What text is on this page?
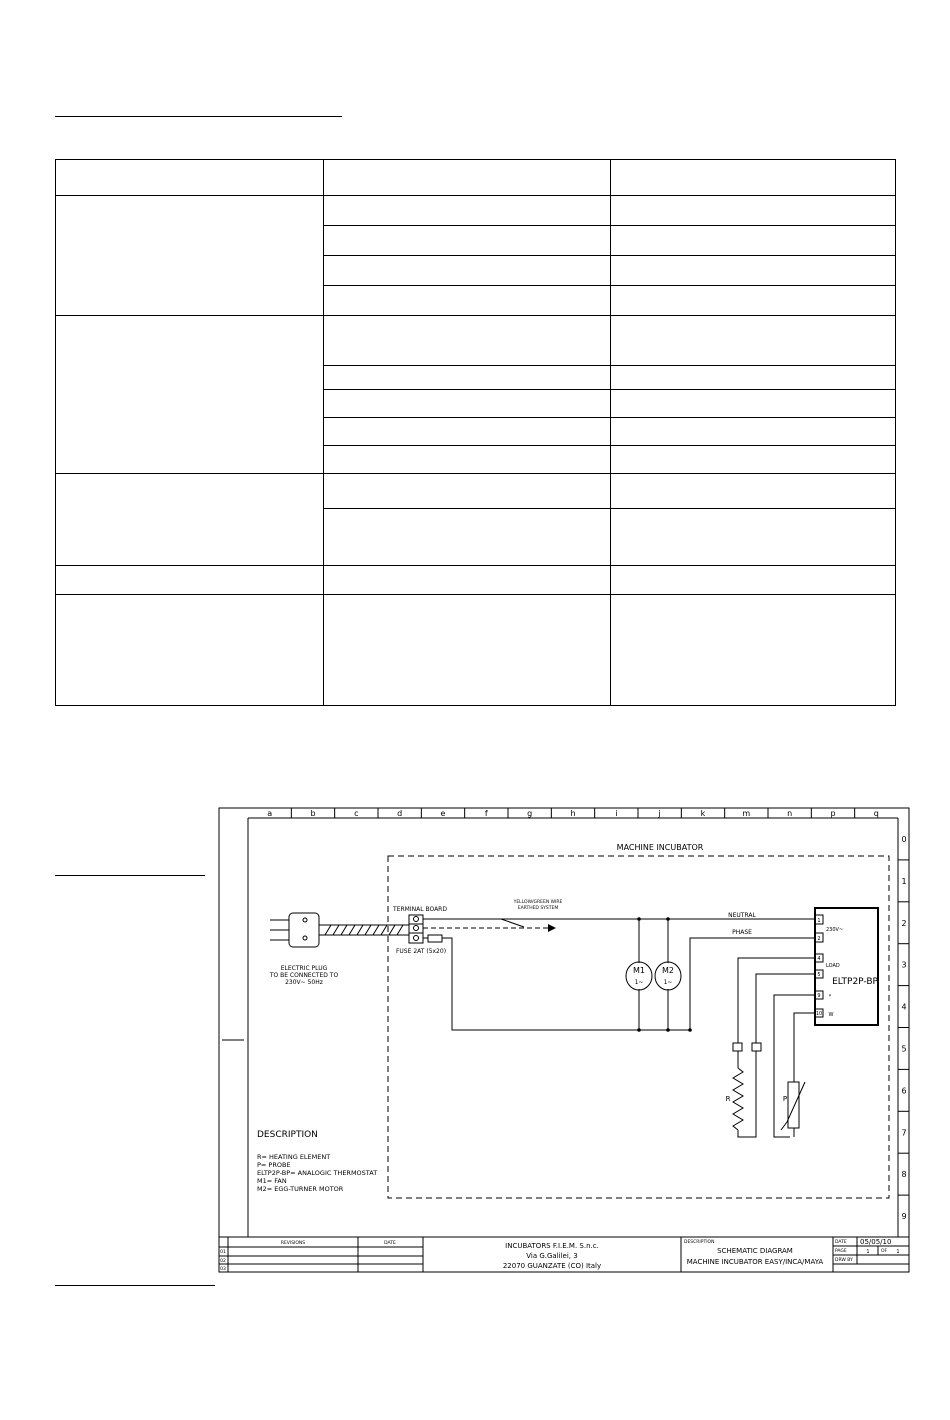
a	b	c	d	e	f	g	h	i	j	k	m	n	p	q
0
1
2
3
4
5
6
7
8
9
MACHINE INCUBATOR
TERMINAL BOARD
YELLOW/GREEN WIRE
EARTHED SYSTEM
FUSE 2AT (5x20)
ELECTRIC PLUG
TO BE CONNECTED TO
230V~ 50Hz
NEUTRAL
PHASE
M1
1~
M2
1~	ELTP2P-BP
230V~
LOAD
1
2
4
5
9
10
*
W
R	P
DESCRIPTION
R= HEATING ELEMENT
P= PROBE
ELTP2P-BP= ANALOGIC THERMOSTAT
M1= FAN
M2= EGG-TURNER MOTOR
REVISIONS	DATE
01
02
03
DESCRIPTION	DATE
PAGE	OF
DRW BY
INCUBATORS F.I.E.M. S.n.c.
Via G.Galilei, 3
22070 GUANZATE (CO) Italy
SCHEMATIC DIAGRAM
MACHINE INCUBATOR EASY/INCA/MAYA
05/05/10
1	1
